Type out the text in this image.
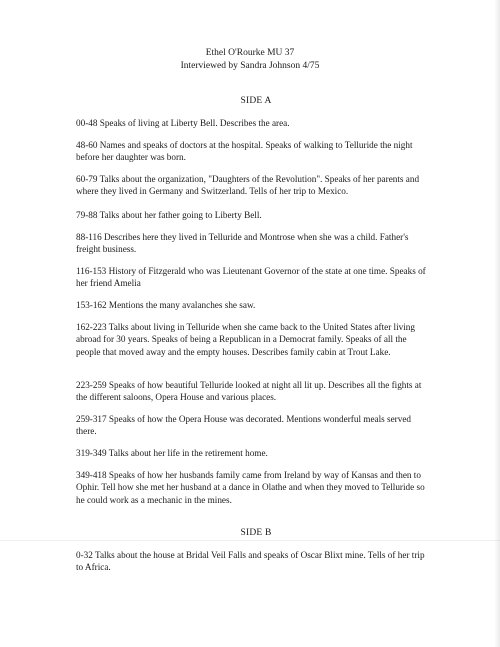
Ethel O'Rourke MU 37
Interviewed by Sandra Johnson 4/75
SIDE A
00-48 Speaks of living at Liberty Bell. Describes the area.
48-60 Names and speaks of doctors at the hospital. Speaks of walking to Telluride the night before her daughter was born.
60-79 Talks about the organization, "Daughters of the Revolution". Speaks of her parents and where they lived in Germany and Switzerland. Tells of her trip to Mexico.
79-88 Talks about her father going to Liberty Bell.
88-116 Describes here they lived in Telluride and Montrose when she was a child. Father's freight business.
116-153 History of Fitzgerald who was Lieutenant Governor of the state at one time. Speaks of her friend Amelia
153-162 Mentions the many avalanches she saw.
162-223 Talks about living in Telluride when she came back to the United States after living abroad for 30 years. Speaks of being a Republican in a Democrat family. Speaks of all the people that moved away and the empty houses. Describes family cabin at Trout Lake.
223-259 Speaks of how beautiful Telluride looked at night all lit up. Describes all the fights at the different saloons, Opera House and various places.
259-317 Speaks of how the Opera House was decorated. Mentions wonderful meals served there.
319-349 Talks about her life in the retirement home.
349-418 Speaks of how her husbands family came from Ireland by way of Kansas and then to Ophir. Tell how she met her husband at a dance in Olathe and when they moved to Telluride so he could work as a mechanic in the mines.
SIDE B
0-32 Talks about the house at Bridal Veil Falls and speaks of Oscar Blixt mine. Tells of her trip to Africa.
